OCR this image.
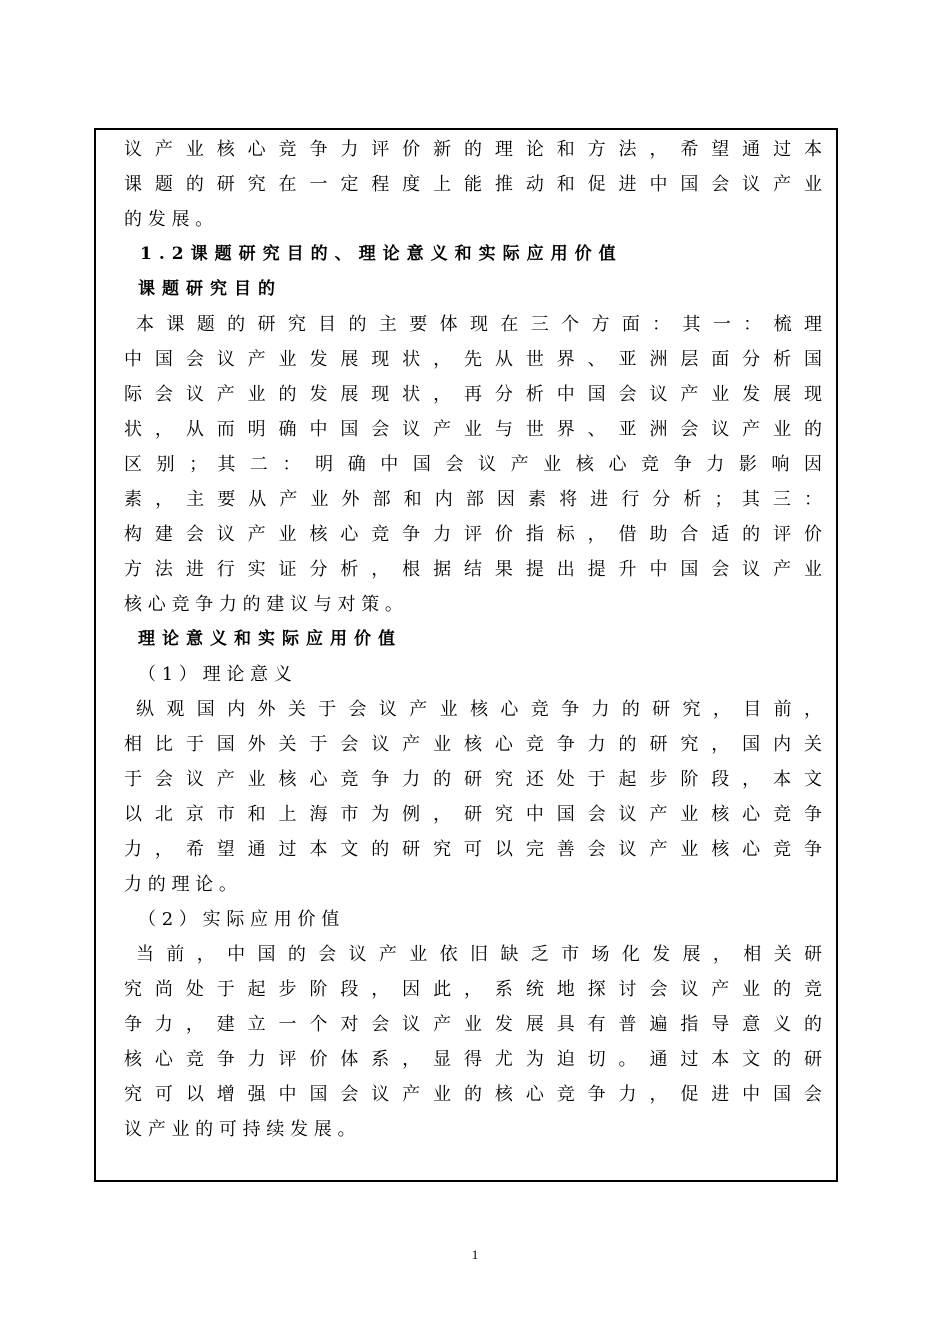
议 产 业 核 心 竞 争 力 评 价 新 的 理 论 和 方 法 ， 希 望 通 过 本
课 题 的 研 究 在 一 定 程 度 上 能 推 动 和 促 进 中 国 会 议 产 业
的 发 展 。
1.2课题研究目的、理论意义和实际应用价值
课题研究目的
本 课 题 的 研 究 目 的 主 要 体 现 在 三 个 方 面 ： 其 一 ： 梳 理
中 国 会 议 产 业 发 展 现 状 ， 先 从 世 界 、 亚 洲 层 面 分 析 国
际 会 议 产 业 的 发 展 现 状 ， 再 分 析 中 国 会 议 产 业 发 展 现
状 ， 从 而 明 确 中 国 会 议 产 业 与 世 界 、 亚 洲 会 议 产 业 的
区 别 ； 其 二 ： 明 确 中 国 会 议 产 业 核 心 竞 争 力 影 响 因
素 ， 主 要 从 产 业 外 部 和 内 部 因 素 将 进 行 分 析 ； 其 三 ：
构 建 会 议 产 业 核 心 竞 争 力 评 价 指 标 ， 借 助 合 适 的 评 价
方 法 进 行 实 证 分 析 ， 根 据 结 果 提 出 提 升 中 国 会 议 产 业
核 心 竞 争 力 的 建 议 与 对 策 。
理论意义和实际应用价值
（ 1 ） 理 论 意 义
纵 观 国 内 外 关 于 会 议 产 业 核 心 竞 争 力 的 研 究 ， 目 前 ，
相 比 于 国 外 关 于 会 议 产 业 核 心 竞 争 力 的 研 究 ， 国 内 关
于 会 议 产 业 核 心 竞 争 力 的 研 究 还 处 于 起 步 阶 段 ， 本 文
以 北 京 市 和 上 海 市 为 例 ， 研 究 中 国 会 议 产 业 核 心 竞 争
力 ， 希 望 通 过 本 文 的 研 究 可 以 完 善 会 议 产 业 核 心 竞 争
力 的 理 论 。
（ 2 ） 实 际 应 用 价 值
当 前 ， 中 国 的 会 议 产 业 依 旧 缺 乏 市 场 化 发 展 ， 相 关 研
究 尚 处 于 起 步 阶 段 ， 因 此 ， 系 统 地 探 讨 会 议 产 业 的 竞
争 力 ， 建 立 一 个 对 会 议 产 业 发 展 具 有 普 遍 指 导 意 义 的
核 心 竞 争 力 评 价 体 系 ， 显 得 尤 为 迫 切 。 通 过 本 文 的 研
究 可 以 增 强 中 国 会 议 产 业 的 核 心 竞 争 力 ， 促 进 中 国 会
议 产 业 的 可 持 续 发 展 。
1
